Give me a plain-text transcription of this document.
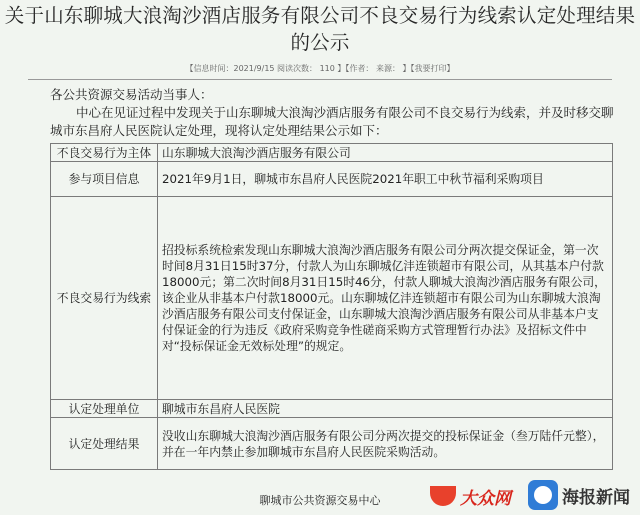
关于山东聊城大浪淘沙酒店服务有限公司不良交易行为线索认定处理结果的公示
【信息时间：2021/9/15 阅读次数： 110 】【作者： 来源： 】【我要打印】
各公共资源交易活动当事人：
中心在见证过程中发现关于山东聊城大浪淘沙酒店服务有限公司不良交易行为线索，并及时移交聊城市东昌府人民医院认定处理，现将认定处理结果公示如下：
不良交易行为主体	山东聊城大浪淘沙酒店服务有限公司
参与项目信息	2021年9月1日，聊城市东昌府人民医院2021年职工中秋节福利采购项目
不良交易行为线索	招投标系统检索发现山东聊城大浪淘沙酒店服务有限公司分两次提交保证金，第一次时间8月31日15时37分，付款人为山东聊城亿沣连锁超市有限公司，从其基本户付款18000元；第二次时间8月31日15时46分，付款人聊城大浪淘沙酒店服务有限公司，该企业从非基本户付款18000元。山东聊城亿沣连锁超市有限公司为山东聊城大浪淘沙酒店服务有限公司支付保证金，山东聊城大浪淘沙酒店服务有限公司从非基本户支付保证金的行为违反《政府采购竞争性磋商采购方式管理暂行办法》及招标文件中对“投标保证金无效标处理”的规定。
认定处理单位	聊城市东昌府人民医院
认定处理结果	没收山东聊城大浪淘沙酒店服务有限公司分两次提交的投标保证金（叁万陆仟元整），并在一年内禁止参加聊城市东昌府人民医院采购活动。
聊城市公共资源交易中心	大众网	海报新闻
